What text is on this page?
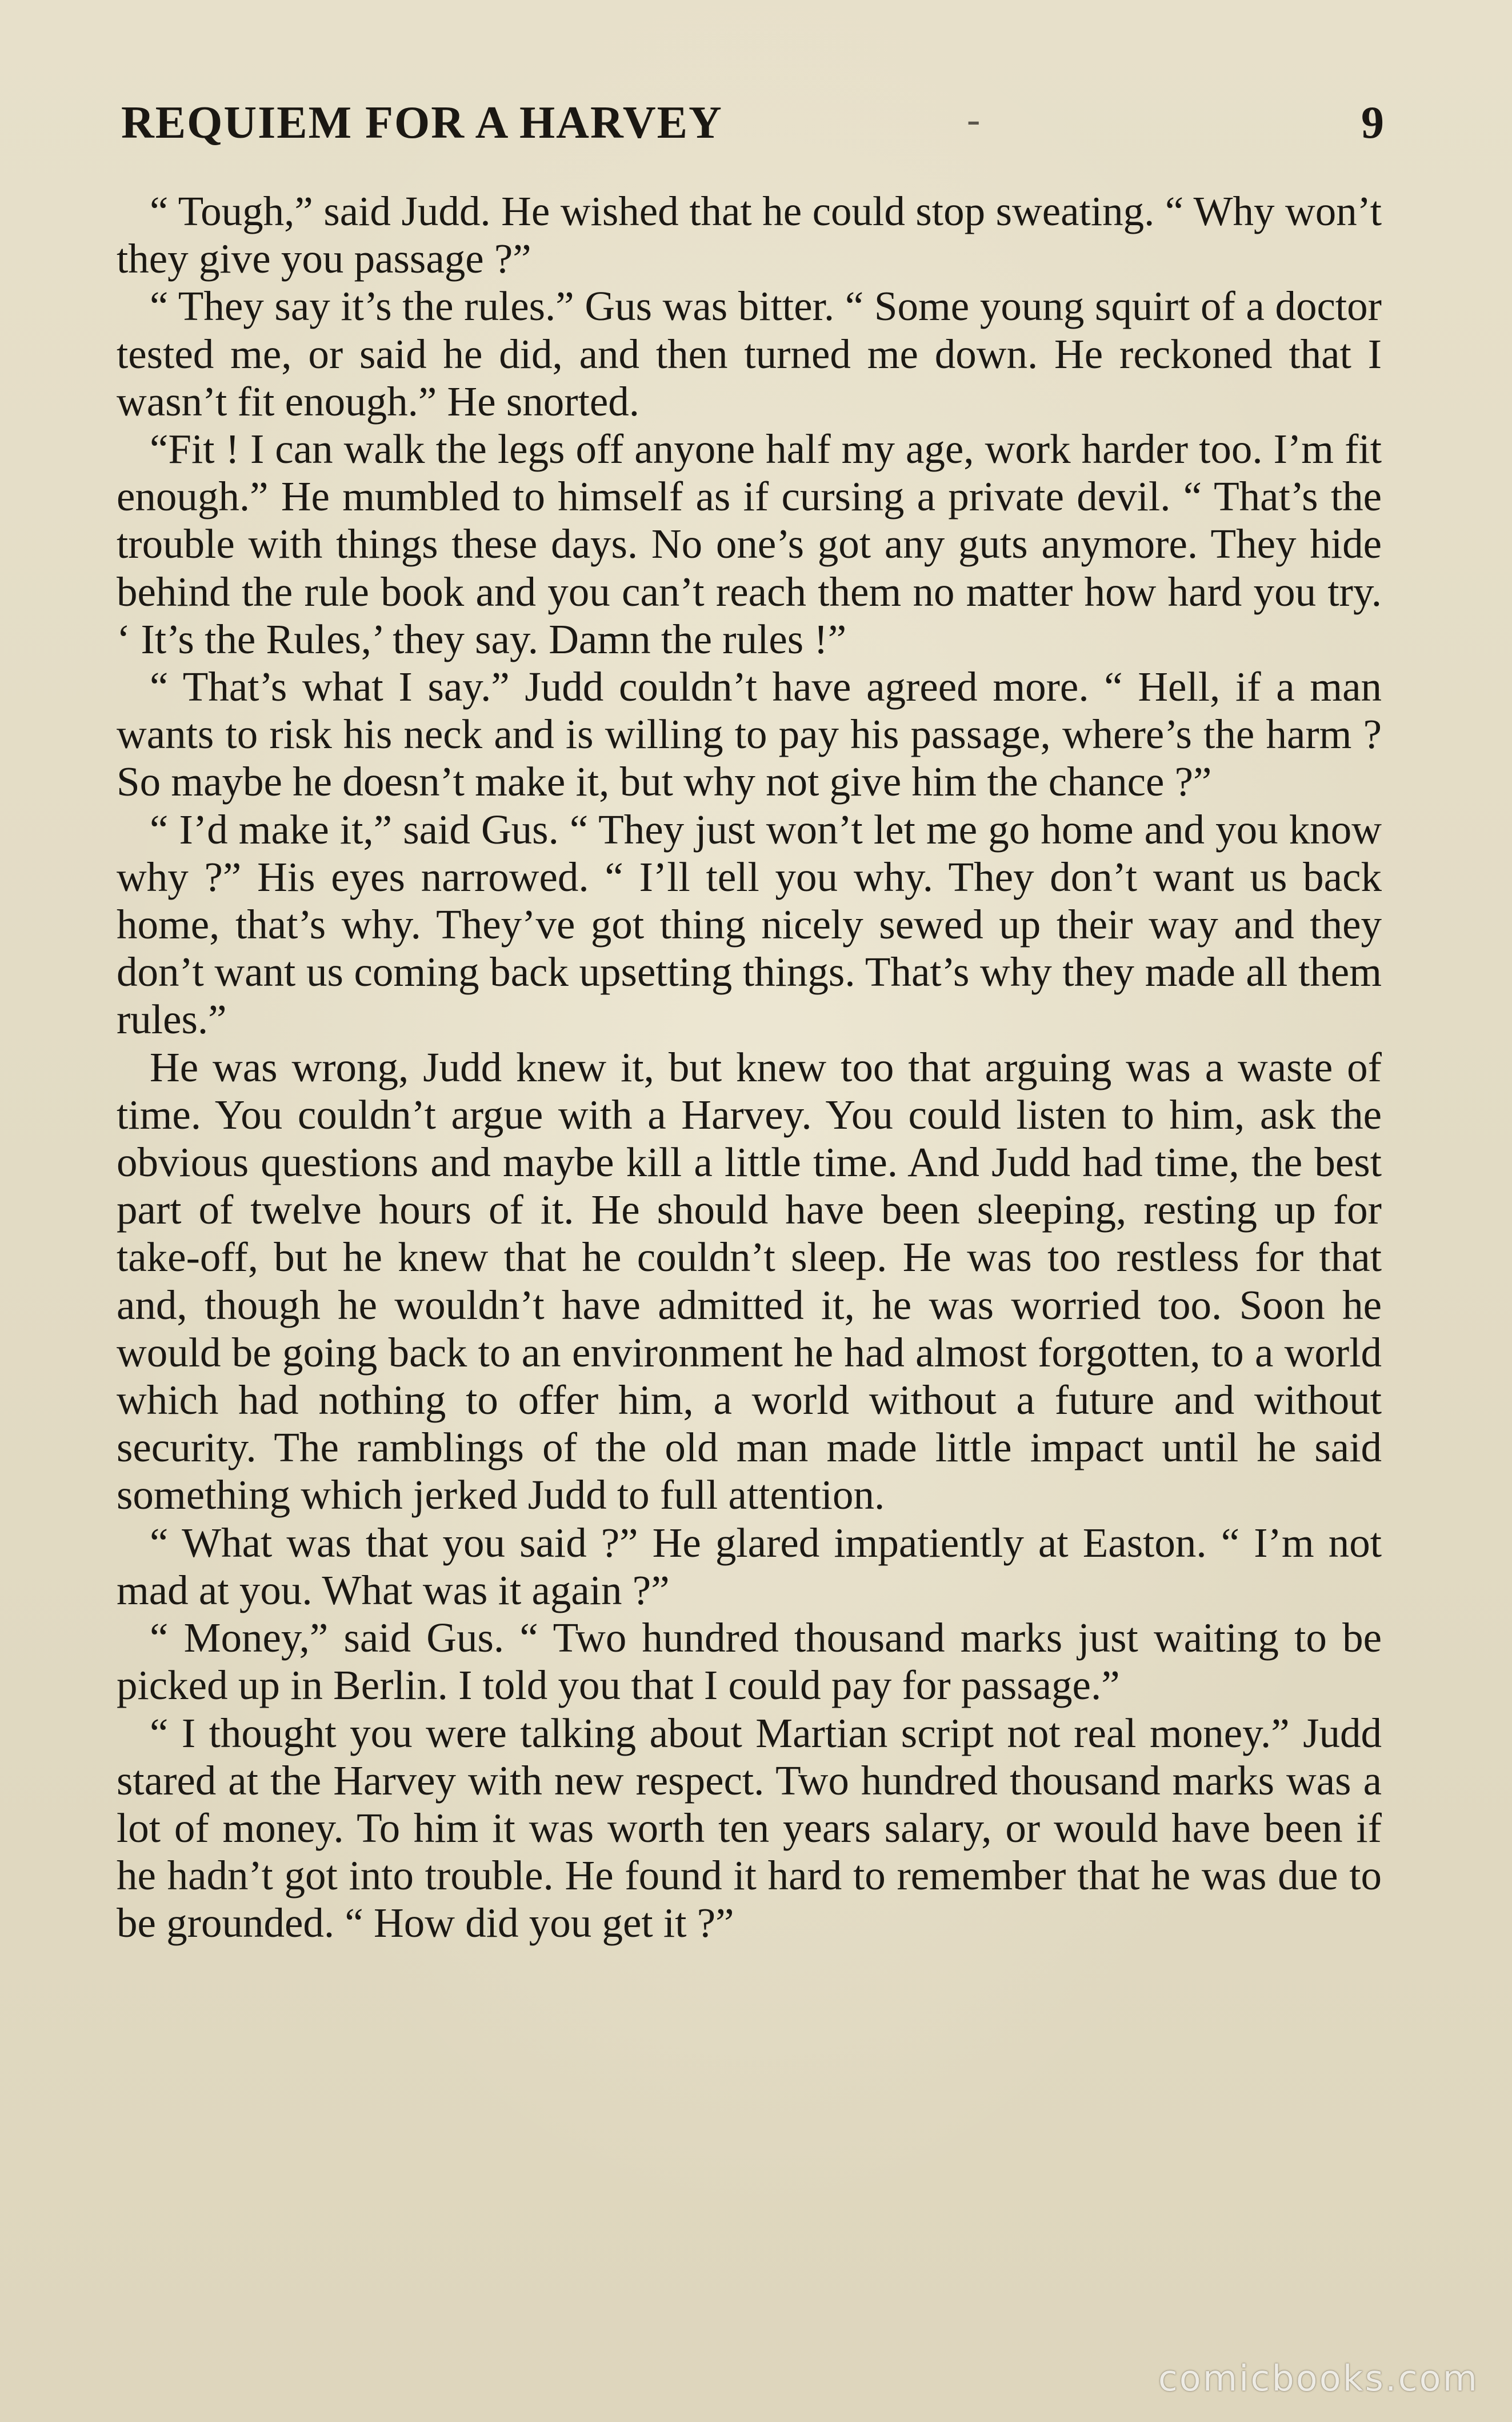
REQUIEM FOR A HARVEY	-	9

“ Tough,” said Judd. He wished that he could stop sweating. “ Why won’t they give you passage ?”

“ They say it’s the rules.” Gus was bitter. “ Some young squirt of a doctor tested me, or said he did, and then turned me down. He reckoned that I wasn’t fit enough.” He snorted.

“Fit ! I can walk the legs off anyone half my age, work harder too. I’m fit enough.” He mumbled to himself as if cursing a private devil. “ That’s the trouble with things these days. No one’s got any guts anymore. They hide behind the rule book and you can’t reach them no matter how hard you try. ‘ It’s the Rules,’ they say. Damn the rules !”

“ That’s what I say.” Judd couldn’t have agreed more. “ Hell, if a man wants to risk his neck and is willing to pay his passage, where’s the harm ? So maybe he doesn’t make it, but why not give him the chance ?”

“ I’d make it,” said Gus. “ They just won’t let me go home and you know why ?” His eyes narrowed. “ I’ll tell you why. They don’t want us back home, that’s why. They’ve got thing nicely sewed up their way and they don’t want us coming back upsetting things. That’s why they made all them rules.”

He was wrong, Judd knew it, but knew too that arguing was a waste of time. You couldn’t argue with a Harvey. You could listen to him, ask the obvious questions and maybe kill a little time. And Judd had time, the best part of twelve hours of it. He should have been sleeping, resting up for take-off, but he knew that he couldn’t sleep. He was too restless for that and, though he wouldn’t have admitted it, he was worried too. Soon he would be going back to an environment he had almost forgotten, to a world which had nothing to offer him, a world without a future and without security. The ramblings of the old man made little impact until he said something which jerked Judd to full attention.

“ What was that you said ?” He glared impatiently at Easton. “ I’m not mad at you. What was it again ?”

“ Money,” said Gus. “ Two hundred thousand marks just waiting to be picked up in Berlin. I told you that I could pay for passage.”

“ I thought you were talking about Martian script not real money.” Judd stared at the Harvey with new respect. Two hundred thousand marks was a lot of money. To him it was worth ten years salary, or would have been if he hadn’t got into trouble. He found it hard to remember that he was due to be grounded. “ How did you get it ?”

comicbooks.com
